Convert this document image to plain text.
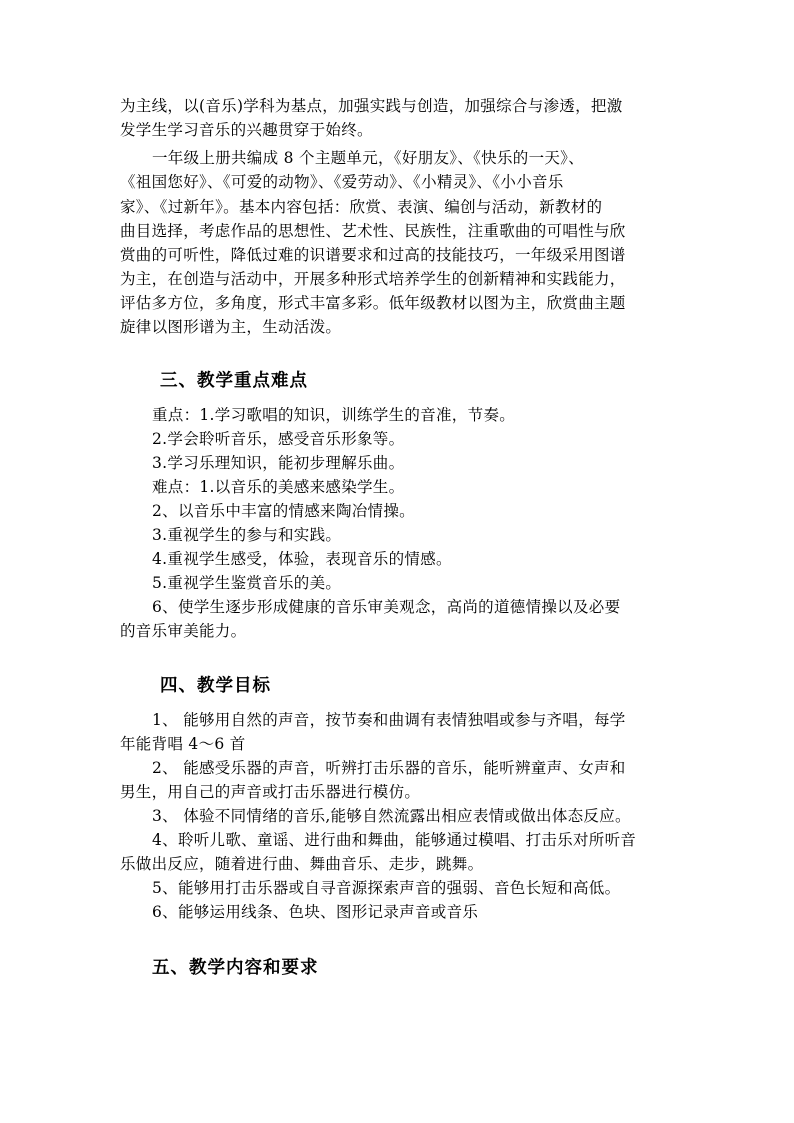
为主线，以(音乐)学科为基点，加强实践与创造，加强综合与渗透，把激
发学生学习音乐的兴趣贯穿于始终。
一年级上册共编成 8 个主题单元，《好朋友》、《快乐的一天》、
《祖国您好》、《可爱的动物》、《爱劳动》、《小精灵》、《小小音乐
家》、《过新年》。基本内容包括：欣赏、表演、编创与活动，新教材的
曲目选择，考虑作品的思想性、艺术性、民族性，注重歌曲的可唱性与欣
赏曲的可听性，降低过难的识谱要求和过高的技能技巧，一年级采用图谱
为主，在创造与活动中，开展多种形式培养学生的创新精神和实践能力，
评估多方位，多角度，形式丰富多彩。低年级教材以图为主，欣赏曲主题
旋律以图形谱为主，生动活泼。
三、教学重点难点
重点：1.学习歌唱的知识，训练学生的音准，节奏。
2.学会聆听音乐，感受音乐形象等。
3.学习乐理知识，能初步理解乐曲。
难点：1.以音乐的美感来感染学生。
2、以音乐中丰富的情感来陶冶情操。
3.重视学生的参与和实践。
4.重视学生感受，体验，表现音乐的情感。
5.重视学生鉴赏音乐的美。
6、使学生逐步形成健康的音乐审美观念，高尚的道德情操以及必要
的音乐审美能力。
四、教学目标
1、 能够用自然的声音，按节奏和曲调有表情独唱或参与齐唱，每学
年能背唱 4～6 首
2、 能感受乐器的声音，听辨打击乐器的音乐，能听辨童声、女声和
男生，用自己的声音或打击乐器进行模仿。
3、 体验不同情绪的音乐,能够自然流露出相应表情或做出体态反应。
4、聆听儿歌、童谣、进行曲和舞曲，能够通过模唱、打击乐对所听音
乐做出反应，随着进行曲、舞曲音乐、走步，跳舞。
5、能够用打击乐器或自寻音源探索声音的强弱、音色长短和高低。
6、能够运用线条、色块、图形记录声音或音乐
五、教学内容和要求
